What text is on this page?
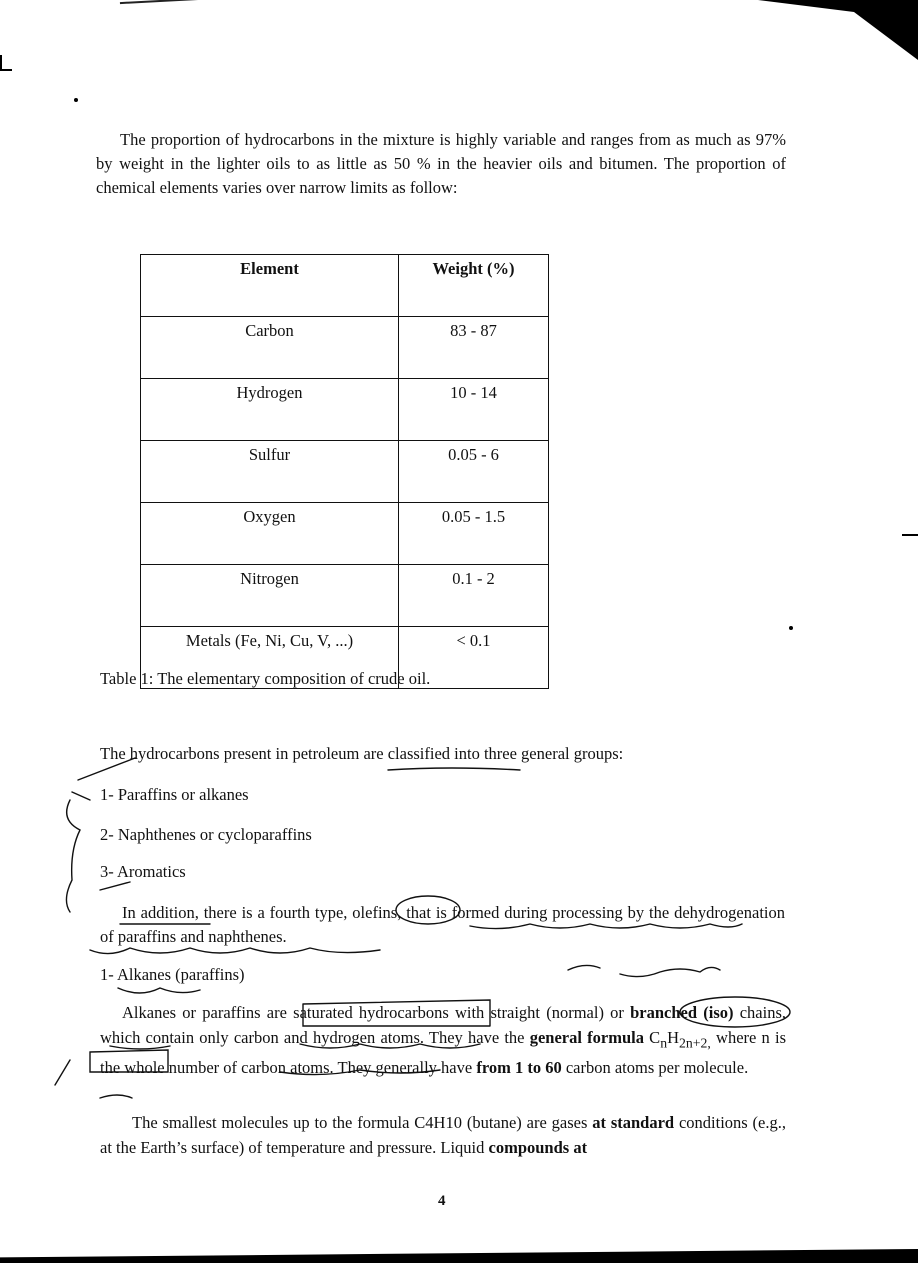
The proportion of hydrocarbons in the mixture is highly variable and ranges from as much as 97% by weight in the lighter oils to as little as 50 % in the heavier oils and bitumen. The proportion of chemical elements varies over narrow limits as follow:
Element	Weight (%)
Carbon	83 - 87
Hydrogen	10 - 14
Sulfur	0.05 - 6
Oxygen	0.05 - 1.5
Nitrogen	0.1 - 2
Metals (Fe, Ni, Cu, V, ...)	< 0.1
Table 1: The elementary composition of crude oil.
The hydrocarbons present in petroleum are classified into three general groups:
1- Paraffins or alkanes
2- Naphthenes or cycloparaffins
3- Aromatics
In addition, there is a fourth type, olefins, that is formed during processing by the dehydrogenation of paraffins and naphthenes.
1- Alkanes (paraffins)
Alkanes or paraffins are saturated hydrocarbons with straight (normal) or branched (iso) chains, which contain only carbon and hydrogen atoms. They have the general formula $C_nH_{2n+2,}$ where n is the whole number of carbon atoms. They generally have from 1 to 60 carbon atoms per molecule.
The smallest molecules up to the formula C4H10 (butane) are gases at standard conditions (e.g., at the Earth’s surface) of temperature and pressure. Liquid compounds at
4
